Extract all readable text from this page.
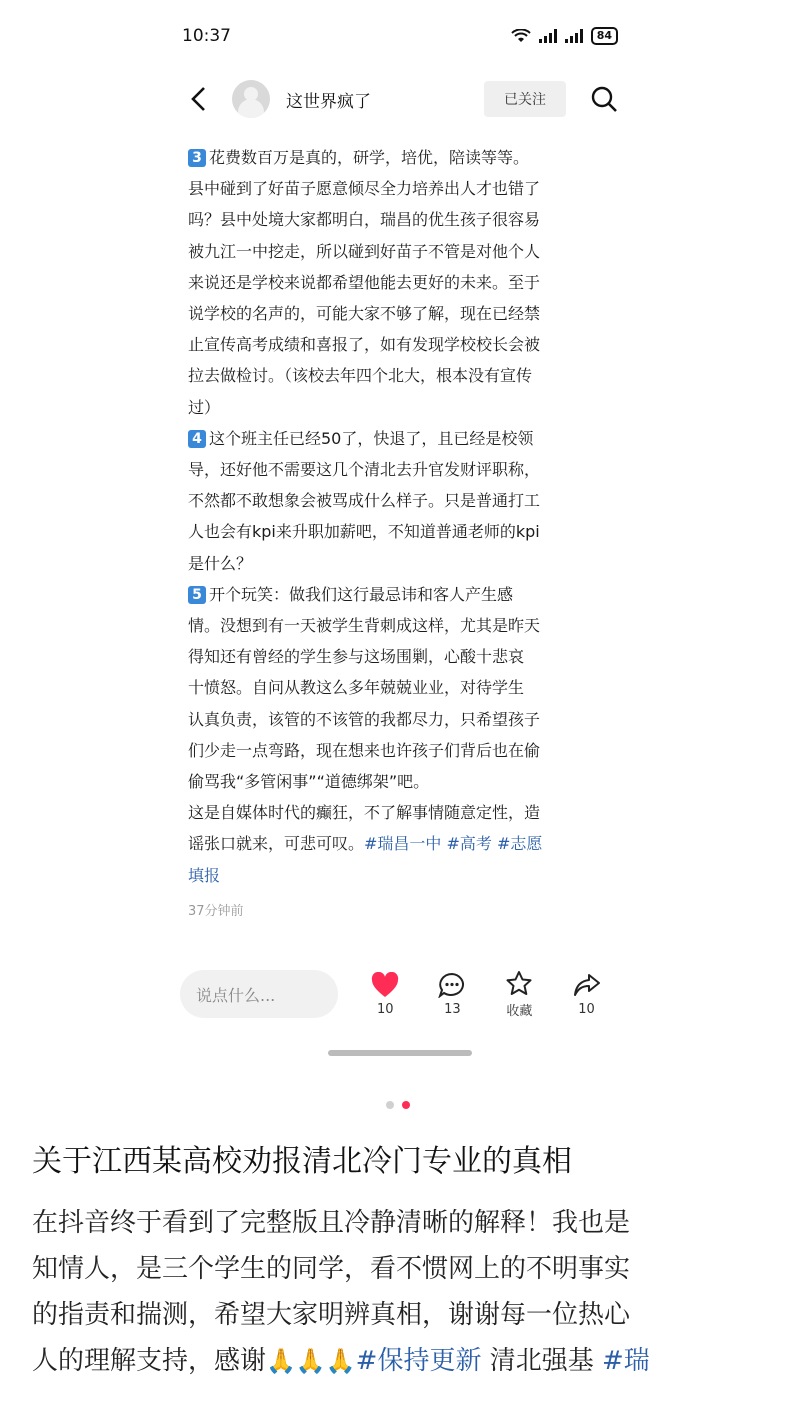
10:37	84
这世界疯了	已关注

3 花费数百万是真的，研学，培优，陪读等等。

县中碰到了好苗子愿意倾尽全力培养出人才也错了

吗？县中处境大家都明白，瑞昌的优生孩子很容易

被九江一中挖走，所以碰到好苗子不管是对他个人

来说还是学校来说都希望他能去更好的未来。至于

说学校的名声的，可能大家不够了解，现在已经禁

止宣传高考成绩和喜报了，如有发现学校校长会被

拉去做检讨。（该校去年四个北大，根本没有宣传

过）

4 这个班主任已经50了，快退了，且已经是校领

导，还好他不需要这几个清北去升官发财评职称，

不然都不敢想象会被骂成什么样子。只是普通打工

人也会有kpi来升职加薪吧，不知道普通老师的kpi

是什么？

5 开个玩笑：做我们这行最忌讳和客人产生感

情。没想到有一天被学生背刺成这样，尤其是昨天

得知还有曾经的学生参与这场围剿，心酸十悲哀

十愤怒。自问从教这么多年兢兢业业，对待学生

认真负责，该管的不该管的我都尽力，只希望孩子

们少走一点弯路，现在想来也许孩子们背后也在偷

偷骂我“多管闲事”“道德绑架”吧。

这是自媒体时代的癫狂，不了解事情随意定性，造

谣张口就来，可悲可叹。#瑞昌一中 #高考 #志愿

填报

37分钟前
说点什么...
10	13	收藏	10
关于江西某高校劝报清北冷门专业的真相
在抖音终于看到了完整版且冷静清晰的解释！我也是
知情人，是三个学生的同学，看不惯网上的不明事实
的指责和揣测，希望大家明辨真相，谢谢每一位热心
人的理解支持，感谢🙏🙏🙏#保持更新 清北强基 #瑞
